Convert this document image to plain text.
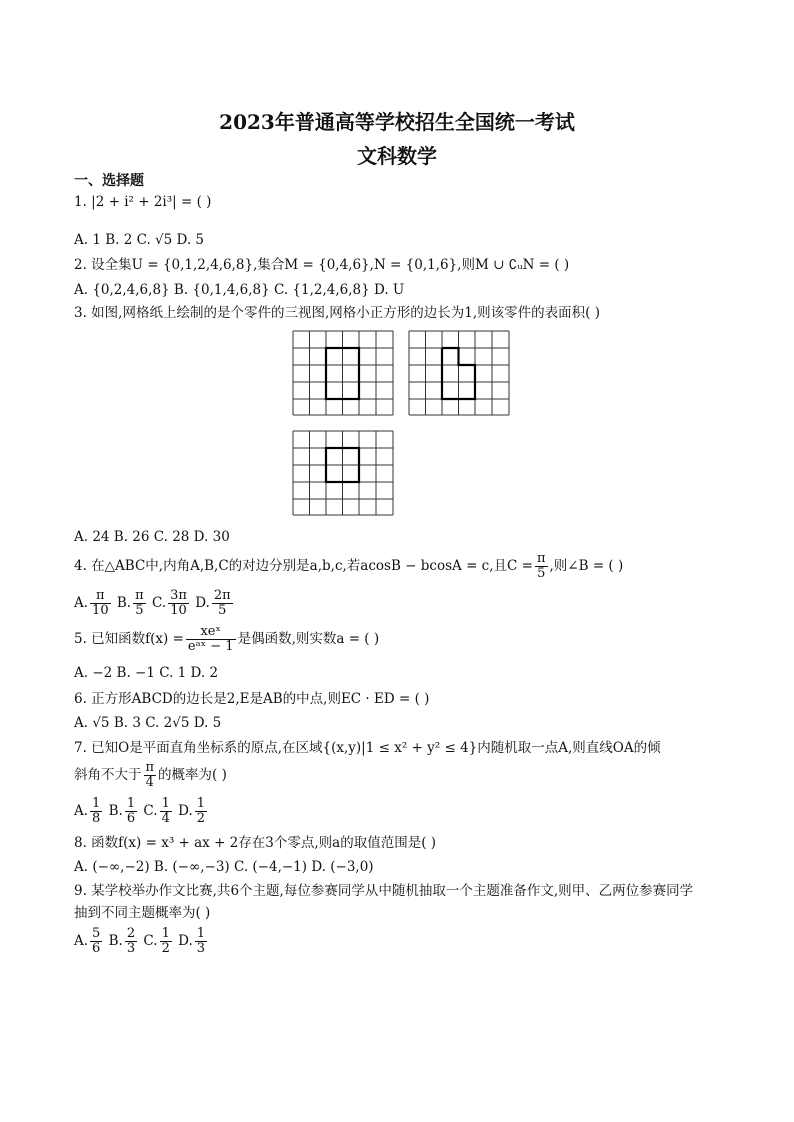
2023年普通高等学校招生全国统一考试
文科数学
一、选择题
1. |2 + i² + 2i³| = ( )
A. 1 B. 2 C. √5 D. 5
2. 设全集U = {0,1,2,4,6,8},集合M = {0,4,6},N = {0,1,6},则M ∪ ∁ᵤN = ( )
A. {0,2,4,6,8} B. {0,1,4,6,8} C. {1,2,4,6,8} D. U
3. 如图,网格纸上绘制的是个零件的三视图,网格小正方形的边长为1,则该零件的表面积( )
A. 24 B. 26 C. 28 D. 30
4. 在△ABC中,内角A,B,C的对边分别是a,b,c,若acosB − bcosA = c,且$C = \frac{\pi}{5}$ ,则∠B = ( )
A. $\frac{\pi}{10} B$. $\frac{\pi}{5} C$. $\frac{3\pi}{10} D$. $\frac{2\pi}{5}$
5. 已知函数$f(x) = \frac{\text{xeˣ}}{\text{eᵃˣ − 1}}$ 是偶函数,则实数a = ( )
A. −2 B. −1 C. 1 D. 2
6. 正方形ABCD的边长是2,E是AB的中点,则EC · ED = ( )
A. √5 B. 3 C. 2√5 D. 5
7. 已知O是平面直角坐标系的原点,在区域{(x,y)|1 ≤ x² + y² ≤ 4}内随机取一点A,则直线OA的倾
斜角不大于 $\frac{\pi}{4}$ 的概率为( )
A. $\frac{1}{8} B$. $\frac{1}{6} C$. $\frac{1}{4} D$. $\frac{1}{2}$
8. 函数f(x) = x³ + ax + 2存在3个零点,则a的取值范围是( )
A. (−∞,−2) B. (−∞,−3) C. (−4,−1) D. (−3,0)
9. 某学校举办作文比赛,共6个主题,每位参赛同学从中随机抽取一个主题准备作文,则甲、乙两位参赛同学
抽到不同主题概率为( )
A. $\frac{5}{6} B$. $\frac{2}{3} C$. $\frac{1}{2} D$. $\frac{1}{3}$
